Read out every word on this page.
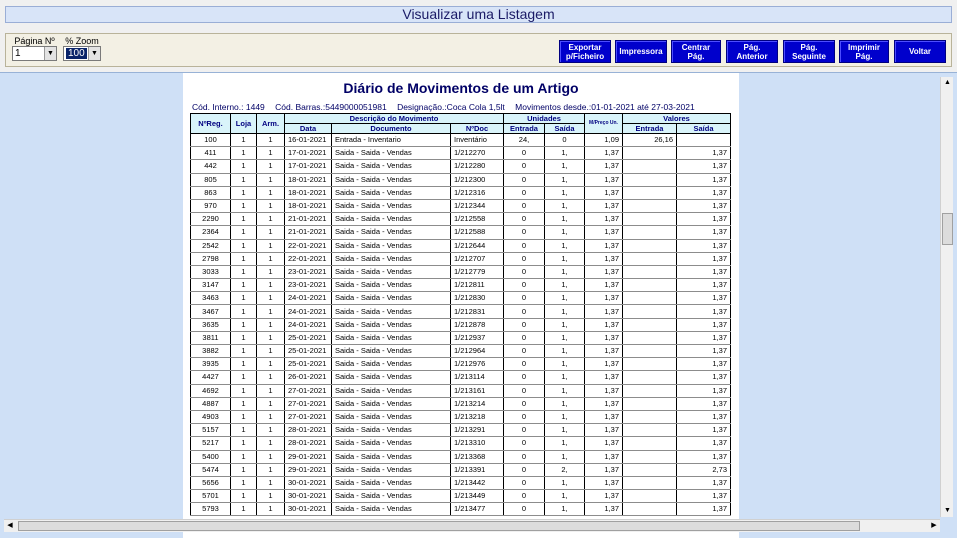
Visualizar uma Listagem
Página Nº
1	▼
% Zoom
100 ▼
Exportar
p/Ficheiro Impressora Centrar
Pág.
Pág.
Anterior
Pág.
Seguinte
Imprimir
Pág.	Voltar
Diário de Movimentos de um Artigo
Cód. Interno.: 1449 Cód. Barras.:5449000051981 Designação.:Coca Cola 1,5lt Movimentos desde.:01-01-2021 até 27-03-2021
NºReg.	Loja	Arm.	Descrição do Movimento			Unidades		M/Preço Un.	Valores	
			Data	Documento	NºDoc	Entrada	Saída		Entrada	Saída
100	1	1	16-01-2021	Entrada - Inventario	Inventário	24,	0	1,09	26,16	
411	1	1	17-01-2021	Saida - Saida - Vendas	1/212270	0	1,	1,37		1,37
442	1	1	17-01-2021	Saida - Saida - Vendas	1/212280	0	1,	1,37		1,37
805	1	1	18-01-2021	Saida - Saida - Vendas	1/212300	0	1,	1,37		1,37
863	1	1	18-01-2021	Saida - Saida - Vendas	1/212316	0	1,	1,37		1,37
970	1	1	18-01-2021	Saida - Saida - Vendas	1/212344	0	1,	1,37		1,37
2290	1	1	21-01-2021	Saida - Saida - Vendas	1/212558	0	1,	1,37		1,37
2364	1	1	21-01-2021	Saida - Saida - Vendas	1/212588	0	1,	1,37		1,37
2542	1	1	22-01-2021	Saida - Saida - Vendas	1/212644	0	1,	1,37		1,37
2798	1	1	22-01-2021	Saida - Saida - Vendas	1/212707	0	1,	1,37		1,37
3033	1	1	23-01-2021	Saida - Saida - Vendas	1/212779	0	1,	1,37		1,37
3147	1	1	23-01-2021	Saida - Saida - Vendas	1/212811	0	1,	1,37		1,37
3463	1	1	24-01-2021	Saida - Saida - Vendas	1/212830	0	1,	1,37		1,37
3467	1	1	24-01-2021	Saida - Saida - Vendas	1/212831	0	1,	1,37		1,37
3635	1	1	24-01-2021	Saida - Saida - Vendas	1/212878	0	1,	1,37		1,37
3811	1	1	25-01-2021	Saida - Saida - Vendas	1/212937	0	1,	1,37		1,37
3882	1	1	25-01-2021	Saida - Saida - Vendas	1/212964	0	1,	1,37		1,37
3935	1	1	25-01-2021	Saida - Saida - Vendas	1/212976	0	1,	1,37		1,37
4427	1	1	26-01-2021	Saida - Saida - Vendas	1/213114	0	1,	1,37		1,37
4692	1	1	27-01-2021	Saida - Saida - Vendas	1/213161	0	1,	1,37		1,37
4887	1	1	27-01-2021	Saida - Saida - Vendas	1/213214	0	1,	1,37		1,37
4903	1	1	27-01-2021	Saida - Saida - Vendas	1/213218	0	1,	1,37		1,37
5157	1	1	28-01-2021	Saida - Saida - Vendas	1/213291	0	1,	1,37		1,37
5217	1	1	28-01-2021	Saida - Saida - Vendas	1/213310	0	1,	1,37		1,37
5400	1	1	29-01-2021	Saida - Saida - Vendas	1/213368	0	1,	1,37		1,37
5474	1	1	29-01-2021	Saida - Saida - Vendas	1/213391	0	2,	1,37		2,73
5656	1	1	30-01-2021	Saida - Saida - Vendas	1/213442	0	1,	1,37		1,37
5701	1	1	30-01-2021	Saida - Saida - Vendas	1/213449	0	1,	1,37		1,37
5793	1	1	30-01-2021	Saida - Saida - Vendas	1/213477	0	1,	1,37		1,37
▲
▼
◀	▶
